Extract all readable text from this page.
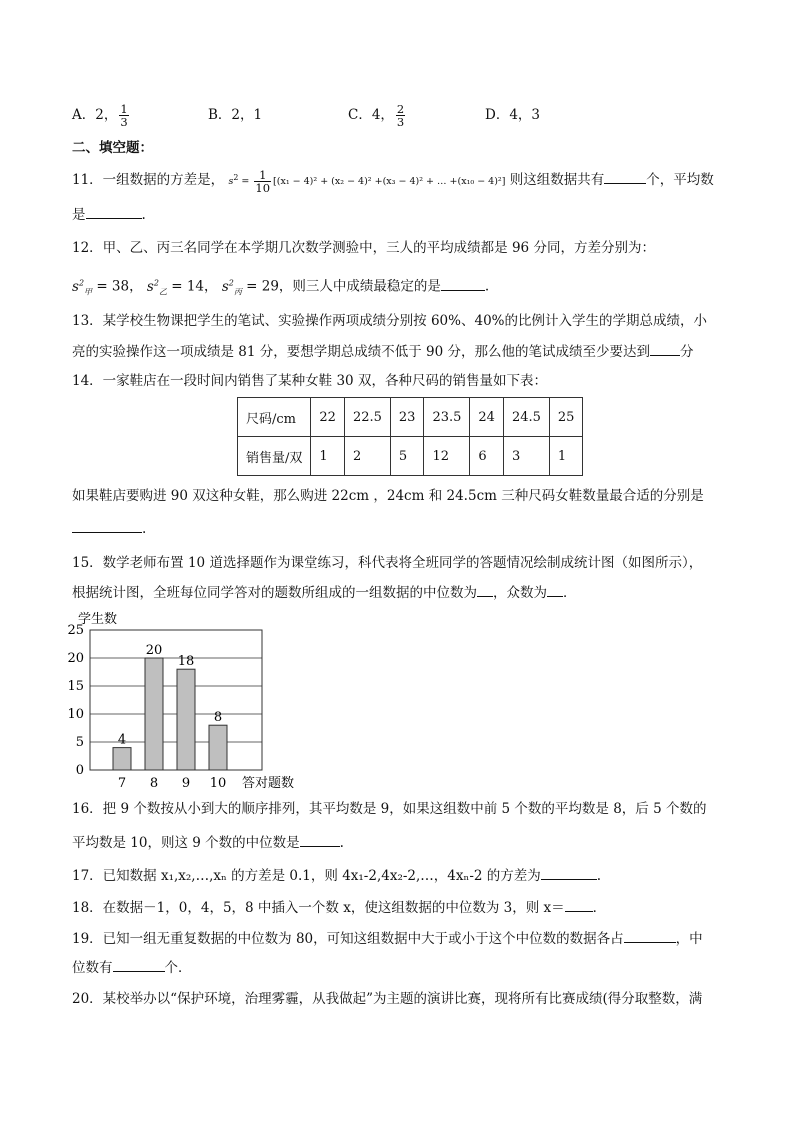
A．2， $\frac{1}{3}$	B．2，1	C．4， $\frac{2}{3}$	D．4，3
二、填空题：
11．一组数据的方差是， $s^2 = \frac{1}{10} [(x_1 - 4)^2 + (x_2 - 4)^2 +(x_3 - 4)^2$ + … +(x₁₀ − 4)²] 则这组数据共有	个，平均数
是	.
12．甲、乙、丙三名同学在本学期几次数学测验中，三人的平均成绩都是 96 分同，方差分别为：
$s^2_甲 = 38$， $s^2_乙 = 14$， $s^2_丙 = 29$，则三人中成绩最稳定的是	.
13．某学校生物课把学生的笔试、实验操作两项成绩分别按 60%、40%的比例计入学生的学期总成绩，小
亮的实验操作这一项成绩是 81 分，要想学期总成绩不低于 90 分，那么他的笔试成绩至少要达到 分
14．一家鞋店在一段时间内销售了某种女鞋 30 双，各种尺码的销售量如下表：
尺码/cm	22	22.5	23	23.5	24	24.5	25
销售量/双	1	2	5	12	6	3	1
如果鞋店要购进 90 双这种女鞋，那么购进 22cm ，24cm 和 24.5cm 三种尺码女鞋数量最合适的分别是
.
15．数学老师布置 10 道选择题作为课堂练习，科代表将全班同学的答题情况绘制成统计图（如图所示），
根据统计图，全班每位同学答对的题数所组成的一组数据的中位数为 ，众数为 ．
学生数
答对题数
0
5
10
15
20
25
4
7
20
8
18
9
8
10
16．把 9 个数按从小到大的顺序排列，其平均数是 9，如果这组数中前 5 个数的平均数是 8，后 5 个数的
平均数是 10，则这 9 个数的中位数是	.
17．已知数据 x₁,x₂,…,xₙ 的方差是 0.1，则 4x₁-2,4x₂-2,…，4xₙ-2 的方差为	.
18．在数据－1，0，4，5，8 中插入一个数 x，使这组数据的中位数为 3，则 x＝ ．
19．已知一组无重复数据的中位数为 80，可知这组数据中大于或小于这个中位数的数据各占	，中
位数有	个．
20．某校举办以“保护环境，治理雾霾，从我做起”为主题的演讲比赛，现将所有比赛成绩(得分取整数，满
